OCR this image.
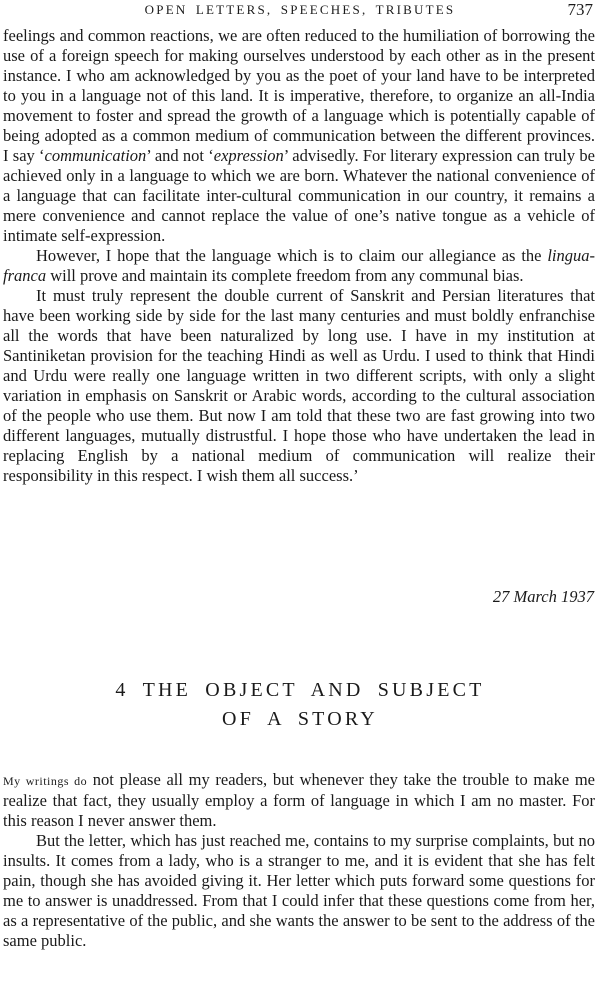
OPEN LETTERS, SPEECHES, TRIBUTES	737

feelings and common reactions, we are often reduced to the humiliation of borrowing the use of a foreign speech for making ourselves understood by each other as in the present instance. I who am acknowledged by you as the poet of your land have to be interpreted to you in a language not of this land. It is imperative, therefore, to organize an all-India movement to foster and spread the growth of a language which is potentially capable of being adopted as a common medium of communication between the different provinces. I say ‘communication’ and not ‘expression’ advisedly. For literary expression can truly be achieved only in a language to which we are born. Whatever the national convenience of a language that can facilitate inter-cultural communication in our country, it remains a mere convenience and cannot replace the value of one’s native tongue as a vehicle of intimate self-expression.

However, I hope that the language which is to claim our allegiance as the lingua-franca will prove and maintain its complete freedom from any communal bias.

It must truly represent the double current of Sanskrit and Persian literatures that have been working side by side for the last many centuries and must boldly enfranchise all the words that have been naturalized by long use. I have in my institution at Santiniketan provision for the teaching Hindi as well as Urdu. I used to think that Hindi and Urdu were really one language written in two different scripts, with only a slight variation in emphasis on Sanskrit or Arabic words, according to the cultural association of the people who use them. But now I am told that these two are fast growing into two different languages, mutually distrustful. I hope those who have undertaken the lead in replacing English by a national medium of communication will realize their responsibility in this respect. I wish them all success.’

27 March 1937
4 THE OBJECT AND SUBJECT
OF A STORY

My writings do not please all my readers, but whenever they take the trouble to make me realize that fact, they usually employ a form of language in which I am no master. For this reason I never answer them.

But the letter, which has just reached me, contains to my surprise complaints, but no insults. It comes from a lady, who is a stranger to me, and it is evident that she has felt pain, though she has avoided giving it. Her letter which puts forward some questions for me to answer is unaddressed. From that I could infer that these questions come from her, as a representative of the public, and she wants the answer to be sent to the address of the same public.
